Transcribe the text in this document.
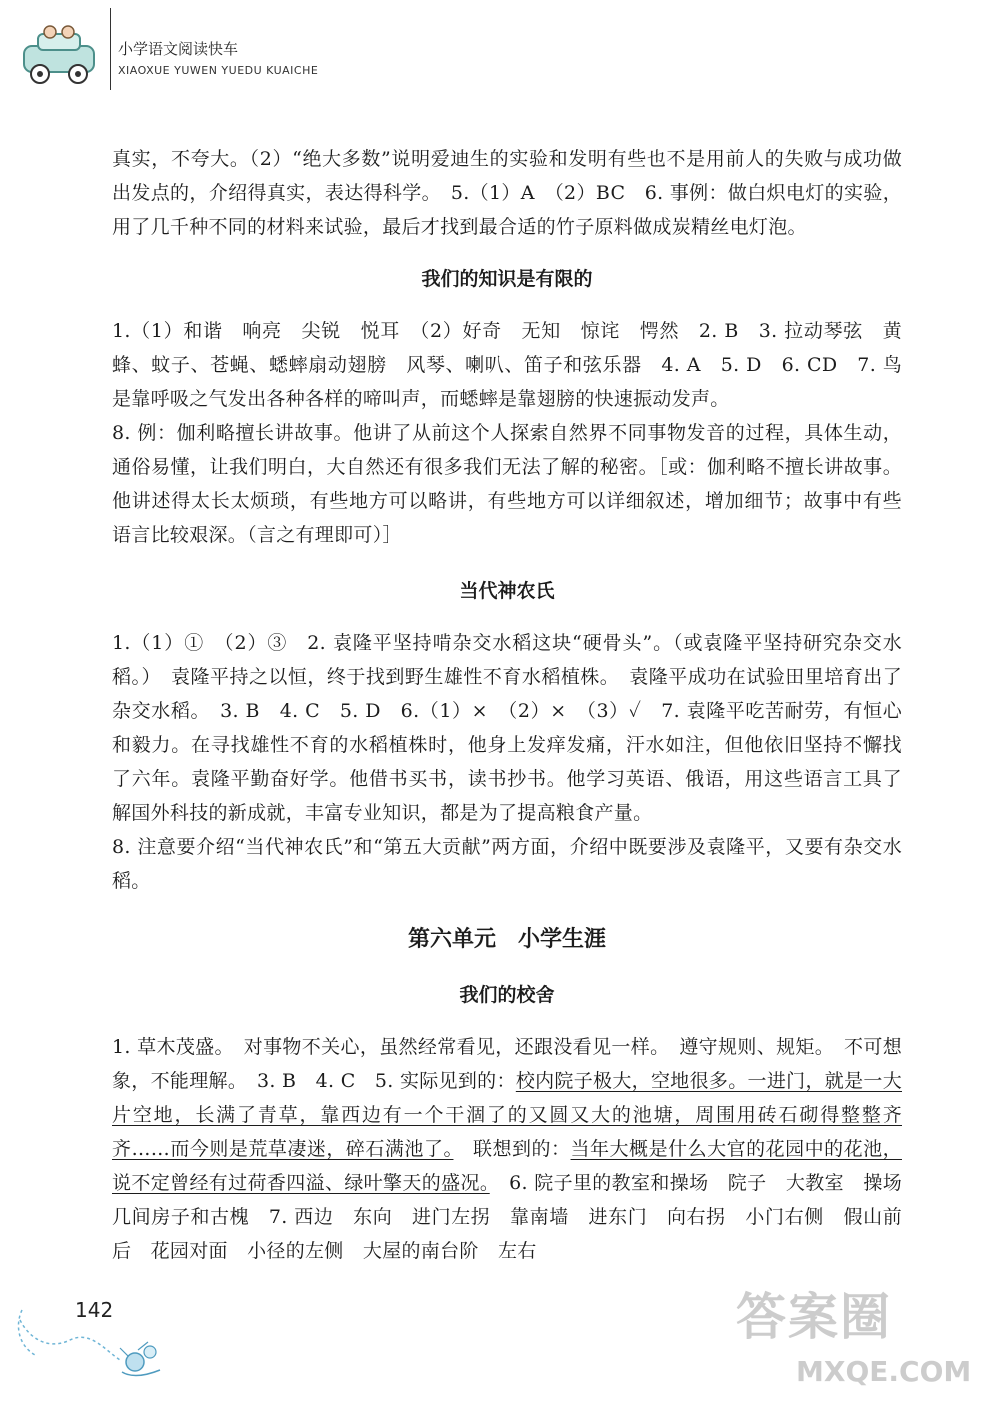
小学语文阅读快车
XIAOXUE YUWEN YUEDU KUAICHE

真实，不夸大。（2）“绝大多数”说明爱迪生的实验和发明有些也不是用前人的失败与成功做出发点的，介绍得真实，表达得科学。　5.（1）A　（2）BC　6. 事例：做白炽电灯的实验，用了几千种不同的材料来试验，最后才找到最合适的竹子原料做成炭精丝电灯泡。

我们的知识是有限的

1.（1）和谐　响亮　尖锐　悦耳　（2）好奇　无知　惊诧　愕然　2. B　3. 拉动琴弦　黄蜂、蚊子、苍蝇、蟋蟀扇动翅膀　风琴、喇叭、笛子和弦乐器　4. A　5. D　6. CD　7. 鸟是靠呼吸之气发出各种各样的啼叫声，而蟋蟀是靠翅膀的快速振动发声。

8. 例：伽利略擅长讲故事。他讲了从前这个人探索自然界不同事物发音的过程，具体生动，通俗易懂，让我们明白，大自然还有很多我们无法了解的秘密。［或：伽利略不擅长讲故事。他讲述得太长太烦琐，有些地方可以略讲，有些地方可以详细叙述，增加细节；故事中有些语言比较艰深。（言之有理即可）］

当代神农氏

1.（1）①　（2）③　2. 袁隆平坚持啃杂交水稻这块“硬骨头”。（或袁隆平坚持研究杂交水稻。）　袁隆平持之以恒，终于找到野生雄性不育水稻植株。　袁隆平成功在试验田里培育出了杂交水稻。　3. B　4. C　5. D　6.（1）×　（2）×　（3）✓　7. 袁隆平吃苦耐劳，有恒心和毅力。在寻找雄性不育的水稻植株时，他身上发痒发痛，汗水如注，但他依旧坚持不懈找了六年。袁隆平勤奋好学。他借书买书，读书抄书。他学习英语、俄语，用这些语言工具了解国外科技的新成就，丰富专业知识，都是为了提高粮食产量。

8. 注意要介绍“当代神农氏”和“第五大贡献”两方面，介绍中既要涉及袁隆平，又要有杂交水稻。

第六单元　小学生涯
我们的校舍

1. 草木茂盛。　对事物不关心，虽然经常看见，还跟没看见一样。　遵守规则、规矩。　不可想象，不能理解。　3. B　4. C　5. 实际见到的：校内院子极大，空地很多。一进门，就是一大片空地，长满了青草，靠西边有一个干涸了的又圆又大的池塘，周围用砖石砌得整整齐齐……而今则是荒草凄迷，碎石满池了。　联想到的：当年大概是什么大官的花园中的花池，说不定曾经有过荷香四溢、绿叶擎天的盛况。　6. 院子里的教室和操场　院子　大教室　操场　几间房子和古槐　7. 西边　东向　进门左拐　靠南墙　进东门　向右拐　小门右侧　假山前后　花园对面　小径的左侧　大屋的南台阶　左右

142	答案圈
MXQE.COM
